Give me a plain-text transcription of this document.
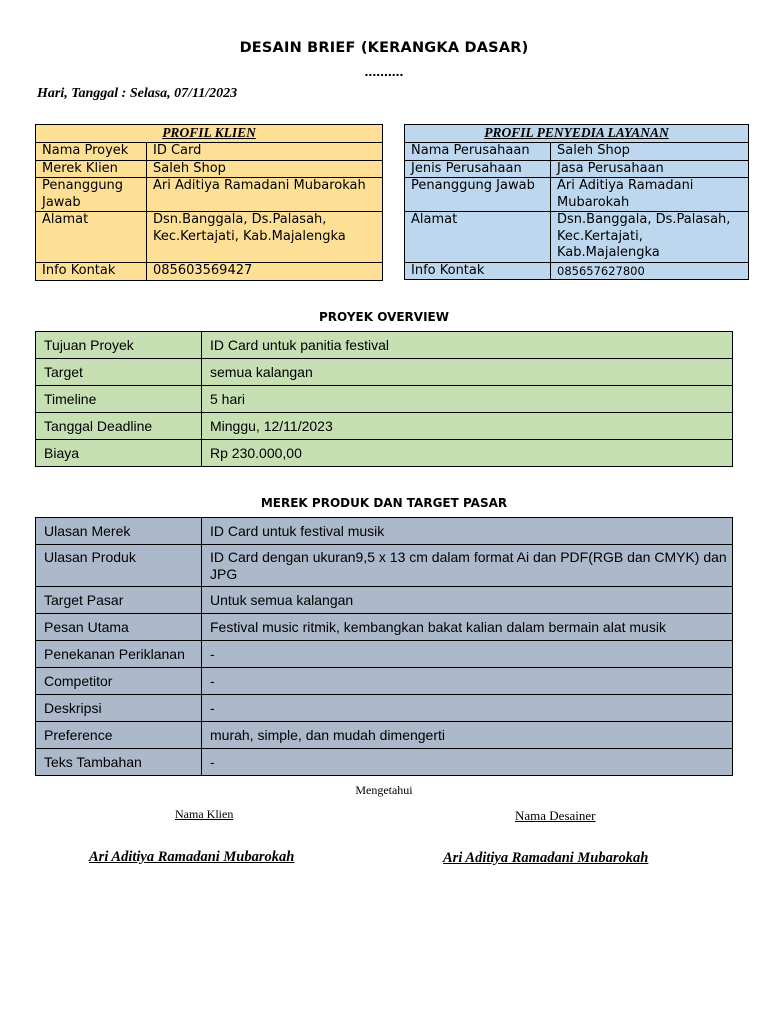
DESAIN BRIEF (KERANGKA DASAR)
..........
Hari, Tanggal : Selasa, 07/11/2023
PROFIL KLIEN	
Nama Proyek	ID Card
Merek Klien	Saleh Shop
Penanggung Jawab	Ari Aditiya Ramadani Mubarokah
Alamat	Dsn.Banggala, Ds.Palasah, Kec.Kertajati, Kab.Majalengka
Info Kontak	085603569427
PROFIL PENYEDIA LAYANAN	
Nama Perusahaan	Saleh Shop
Jenis Perusahaan	Jasa Perusahaan
Penanggung Jawab	Ari Aditiya Ramadani Mubarokah
Alamat	Dsn.Banggala, Ds.Palasah, Kec.Kertajati, Kab.Majalengka
Info Kontak	085657627800
PROYEK OVERVIEW
Tujuan Proyek	ID Card untuk panitia festival
Target	semua kalangan
Timeline	5 hari
Tanggal Deadline	Minggu, 12/11/2023
Biaya	Rp 230.000,00
MEREK PRODUK DAN TARGET PASAR
Ulasan Merek	ID Card untuk festival musik
Ulasan Produk	ID Card dengan ukuran9,5 x 13 cm dalam format Ai dan PDF(RGB dan CMYK) dan JPG
Target Pasar	Untuk semua kalangan
Pesan Utama	Festival music ritmik, kembangkan bakat kalian dalam bermain alat musik
Penekanan Periklanan	-
Competitor	-
Deskripsi	-
Preference	murah, simple, dan mudah dimengerti
Teks Tambahan	-
Mengetahui
Nama Klien	Nama Desainer
Ari Aditiya Ramadani Mubarokah	Ari Aditiya Ramadani Mubarokah
